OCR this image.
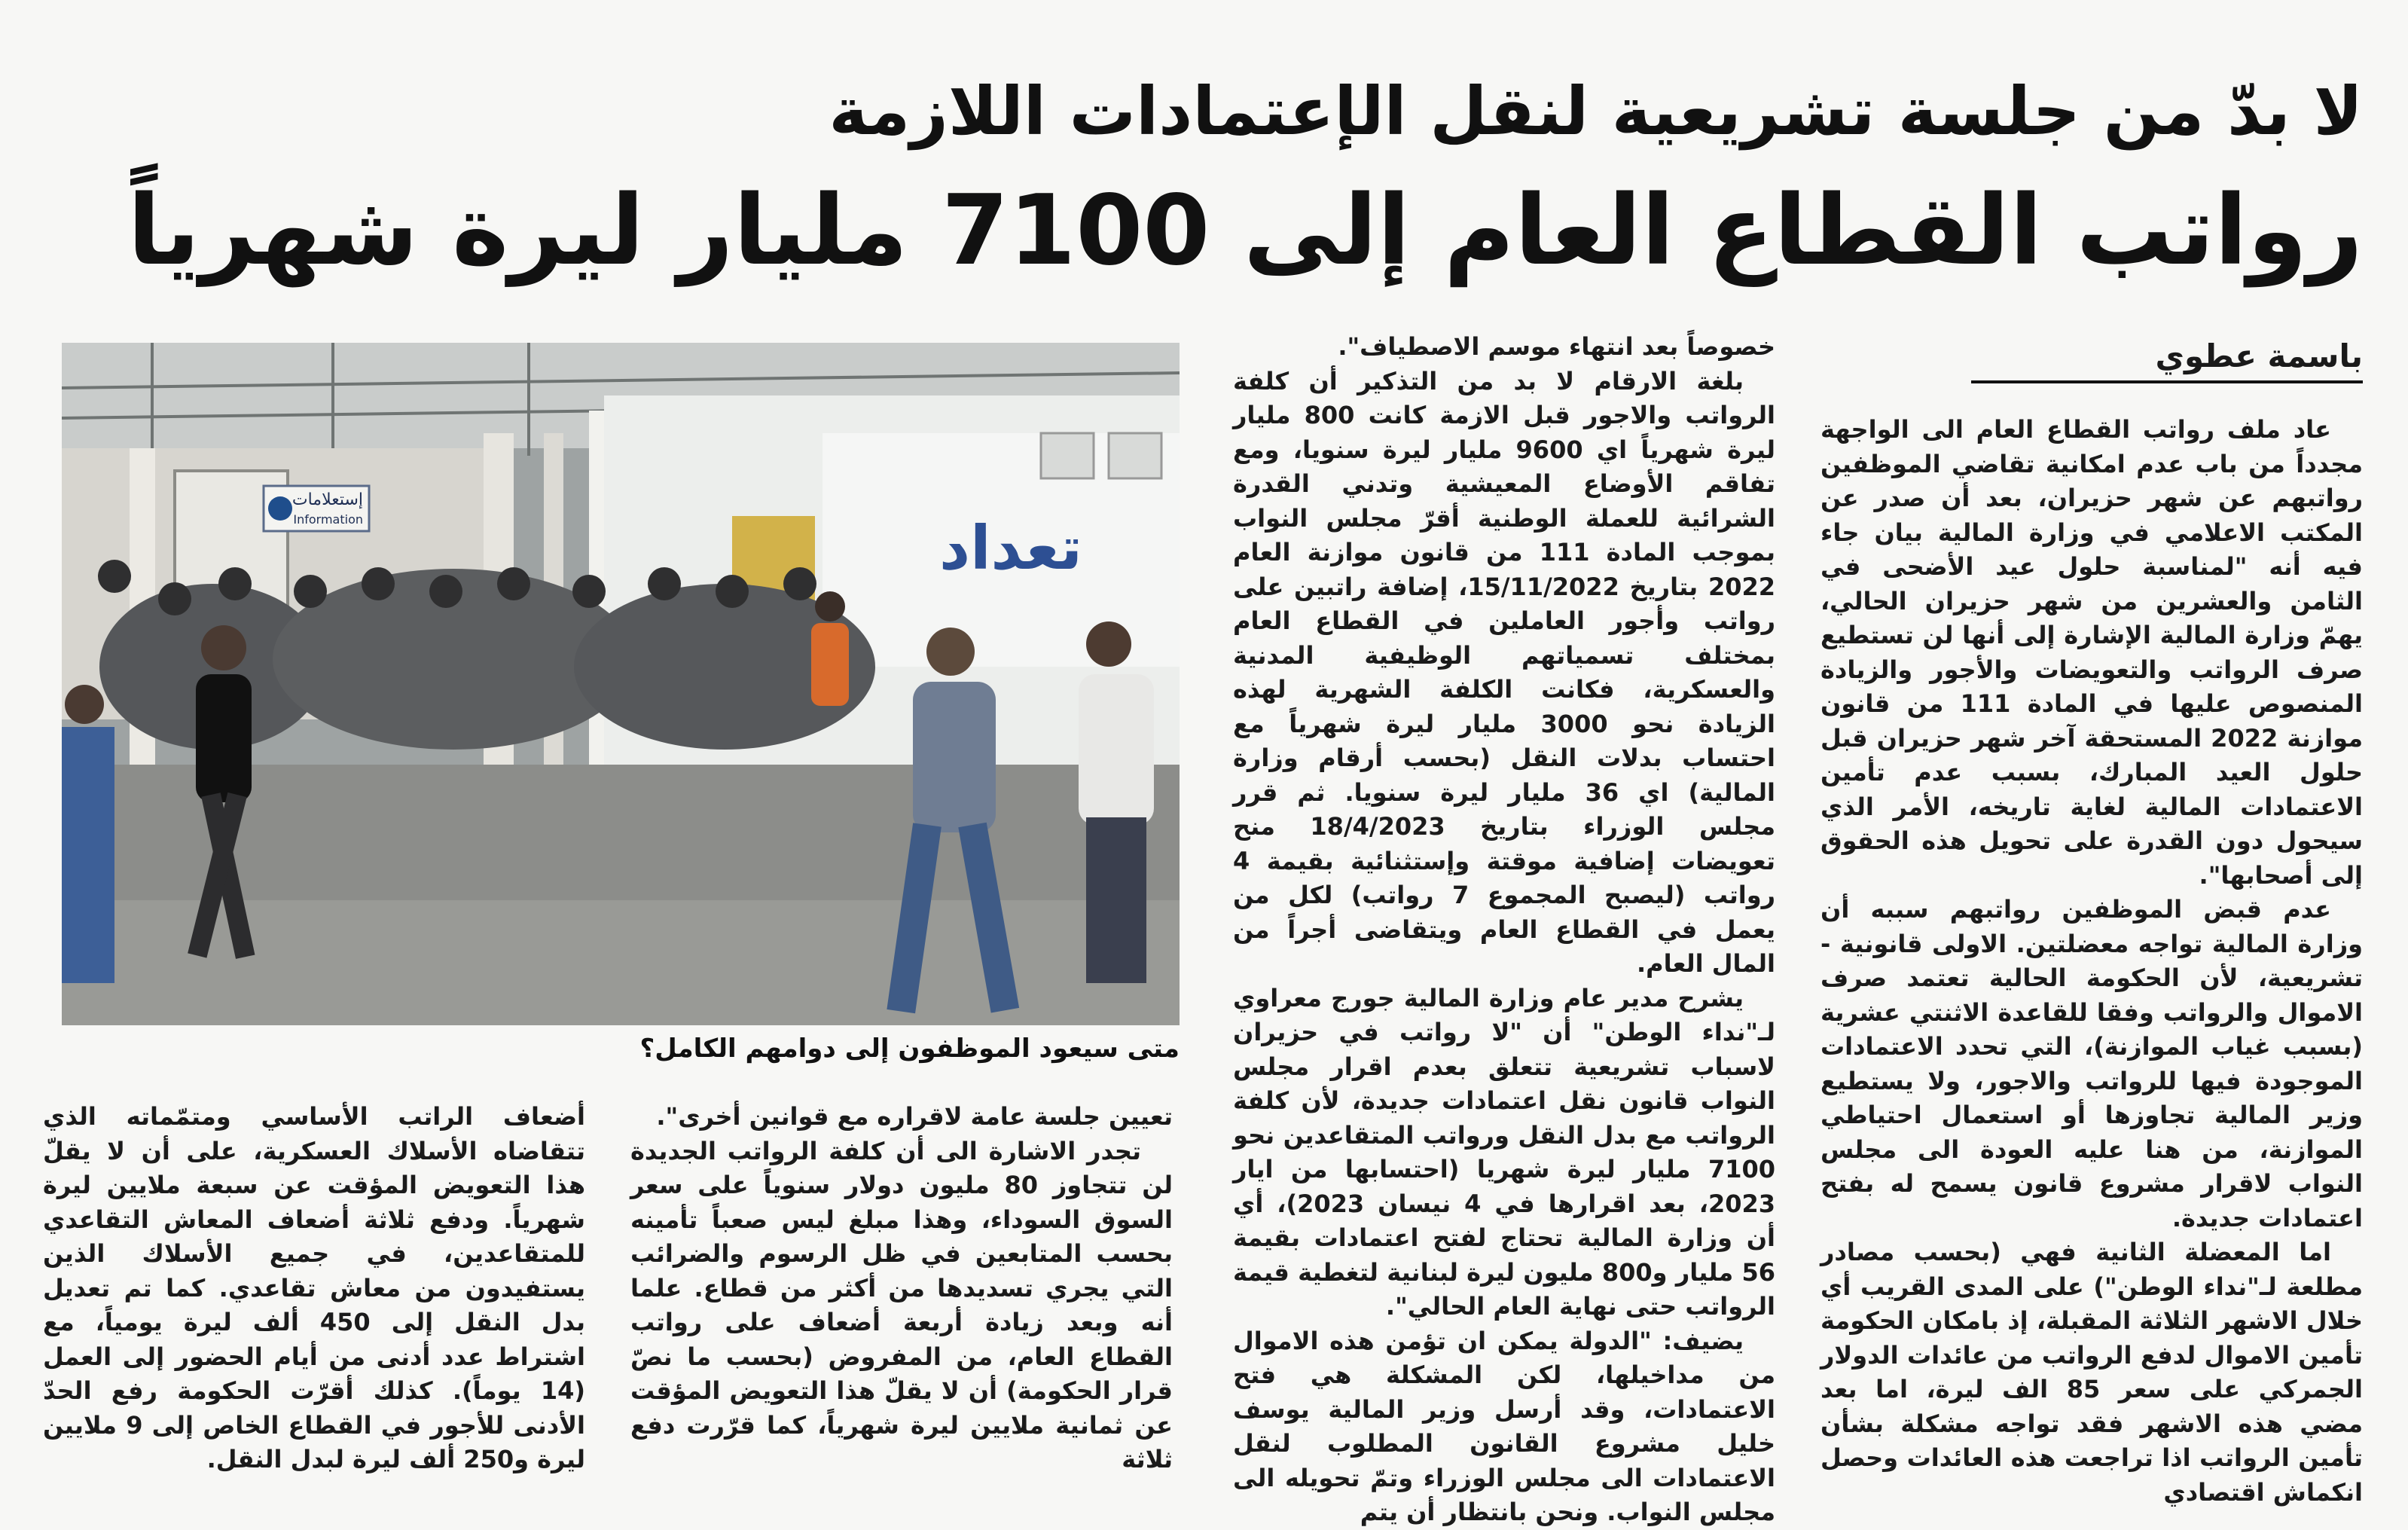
لا بدّ من جلسة تشريعية لنقل الإعتمادات اللازمة
رواتب القطاع العام إلى 7100 مليار ليرة شهرياً
باسمة عطوي

عاد ملف رواتب القطاع العام الى الواجهة مجدداً من باب عدم امكانية تقاضي الموظفين رواتبهم عن شهر حزيران، بعد أن صدر عن المكتب الاعلامي في وزارة المالية بيان جاء فيه أنه "لمناسبة حلول عيد الأضحى في الثامن والعشرين من شهر حزيران الحالي، يهمّ وزارة المالية الإشارة إلى أنها لن تستطيع صرف الرواتب والتعويضات والأجور والزيادة المنصوص عليها في المادة 111 من قانون موازنة 2022 المستحقة آخر شهر حزيران قبل حلول العيد المبارك، بسبب عدم تأمين الاعتمادات المالية لغاية تاريخه، الأمر الذي سيحول دون القدرة على تحويل هذه الحقوق إلى أصحابها".

عدم قبض الموظفين رواتبهم سببه أن وزارة المالية تواجه معضلتين. الاولى قانونية - تشريعية، لأن الحكومة الحالية تعتمد صرف الاموال والرواتب وفقا للقاعدة الاثنتي عشرية (بسبب غياب الموازنة)، التي تحدد الاعتمادات الموجودة فيها للرواتب والاجور، ولا يستطيع وزير المالية تجاوزها أو استعمال احتياطي الموازنة، من هنا عليه العودة الى مجلس النواب لاقرار مشروع قانون يسمح له بفتح اعتمادات جديدة.

اما المعضلة الثانية فهي (بحسب مصادر مطلعة لـ"نداء الوطن") على المدى القريب أي خلال الاشهر الثلاثة المقبلة، إذ بامكان الحكومة تأمين الاموال لدفع الرواتب من عائدات الدولار الجمركي على سعر 85 الف ليرة، اما بعد مضي هذه الاشهر فقد تواجه مشكلة بشأن تأمين الرواتب اذا تراجعت هذه العائدات وحصل انكماش اقتصادي

خصوصاً بعد انتهاء موسم الاصطياف".

بلغة الارقام لا بد من التذكير أن كلفة الرواتب والاجور قبل الازمة كانت 800 مليار ليرة شهرياً اي 9600 مليار ليرة سنويا، ومع تفاقم الأوضاع المعيشية وتدني القدرة الشرائية للعملة الوطنية أقرّ مجلس النواب بموجب المادة 111 من قانون موازنة العام 2022 بتاريخ 15/11/2022، إضافة راتبين على رواتب وأجور العاملين في القطاع العام بمختلف تسمياتهم الوظيفية المدنية والعسكرية، فكانت الكلفة الشهرية لهذه الزيادة نحو 3000 مليار ليرة شهرياً مع احتساب بدلات النقل (بحسب أرقام وزارة المالية) اي 36 مليار ليرة سنويا. ثم قرر مجلس الوزراء بتاريخ 18/4/2023 منح تعويضات إضافية موقتة وإستثنائية بقيمة 4 رواتب (ليصبح المجموع 7 رواتب) لكل من يعمل في القطاع العام ويتقاضى أجراً من المال العام.

يشرح مدير عام وزارة المالية جورج معراوي لـ"نداء الوطن" أن "لا رواتب في حزيران لاسباب تشريعية تتعلق بعدم اقرار مجلس النواب قانون نقل اعتمادات جديدة، لأن كلفة الرواتب مع بدل النقل ورواتب المتقاعدين نحو 7100 مليار ليرة شهريا (احتسابها من ايار 2023، بعد اقرارها في 4 نيسان 2023)، أي أن وزارة المالية تحتاج لفتح اعتمادات بقيمة 56 مليار و800 مليون ليرة لبنانية لتغطية قيمة الرواتب حتى نهاية العام الحالي".

يضيف: "الدولة يمكن ان تؤمن هذه الاموال من مداخيلها، لكن المشكلة هي فتح الاعتمادات، وقد أرسل وزير المالية يوسف خليل مشروع القانون المطلوب لنقل الاعتمادات الى مجلس الوزراء وتمّ تحويله الى مجلس النواب. ونحن بانتظار أن يتم

تعيين جلسة عامة لاقراره مع قوانين أخرى".

تجدر الاشارة الى أن كلفة الرواتب الجديدة لن تتجاوز 80 مليون دولار سنوياً على سعر السوق السوداء، وهذا مبلغ ليس صعباً تأمينه بحسب المتابعين في ظل الرسوم والضرائب التي يجري تسديدها من أكثر من قطاع. علما أنه وبعد زيادة أربعة أضعاف على رواتب القطاع العام، من المفروض (بحسب ما نصّ قرار الحكومة) أن لا يقلّ هذا التعويض المؤقت عن ثمانية ملايين ليرة شهرياً، كما قرّرت دفع ثلاثة

أضعاف الراتب الأساسي ومتمّماته الذي تتقاضاه الأسلاك العسكرية، على أن لا يقلّ هذا التعويض المؤقت عن سبعة ملايين ليرة شهرياً. ودفع ثلاثة أضعاف المعاش التقاعدي للمتقاعدين، في جميع الأسلاك الذين يستفيدون من معاش تقاعدي. كما تم تعديل بدل النقل إلى 450 ألف ليرة يومياً، مع اشتراط عدد أدنى من أيام الحضور إلى العمل (14 يوماً). كذلك أقرّت الحكومة رفع الحدّ الأدنى للأجور في القطاع الخاص إلى 9 ملايين ليرة و250 ألف ليرة لبدل النقل.

إستعلامات
Information	تعداد
متى سيعود الموظفون إلى دوامهم الكامل؟
